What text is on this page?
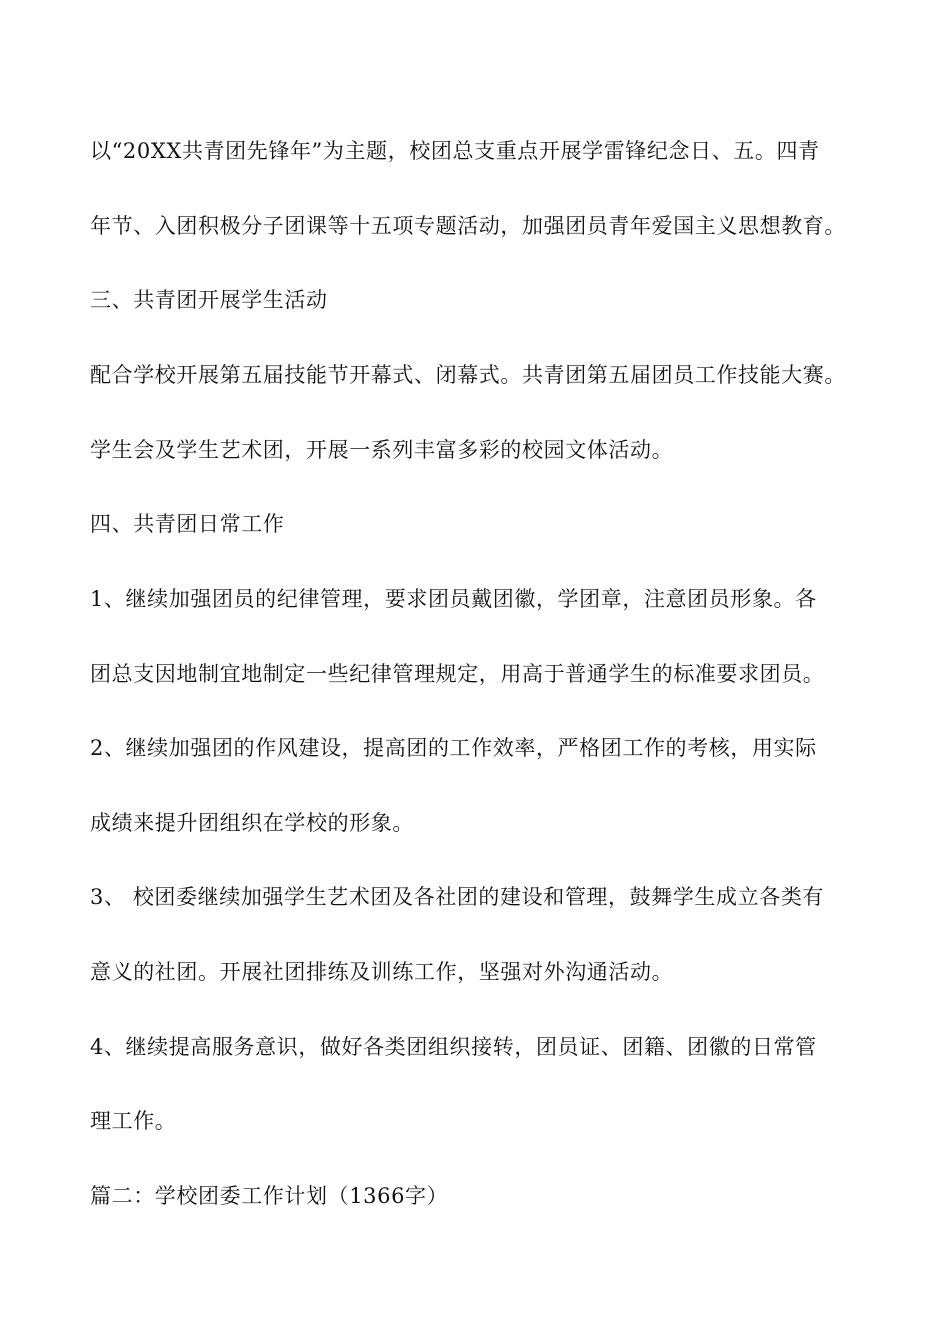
以“20XX共青团先锋年”为主题，校团总支重点开展学雷锋纪念日、五。四青
年节、入团积极分子团课等十五项专题活动，加强团员青年爱国主义思想教育。
三、共青团开展学生活动
配合学校开展第五届技能节开幕式、闭幕式。共青团第五届团员工作技能大赛。
学生会及学生艺术团，开展一系列丰富多彩的校园文体活动。
四、共青团日常工作
1、继续加强团员的纪律管理，要求团员戴团徽，学团章，注意团员形象。各
团总支因地制宜地制定一些纪律管理规定，用高于普通学生的标准要求团员。
2、继续加强团的作风建设，提高团的工作效率，严格团工作的考核，用实际
成绩来提升团组织在学校的形象。
3、 校团委继续加强学生艺术团及各社团的建设和管理，鼓舞学生成立各类有
意义的社团。开展社团排练及训练工作，坚强对外沟通活动。
4、继续提高服务意识，做好各类团组织接转，团员证、团籍、团徽的日常管
理工作。
篇二：学校团委工作计划（1366字）
